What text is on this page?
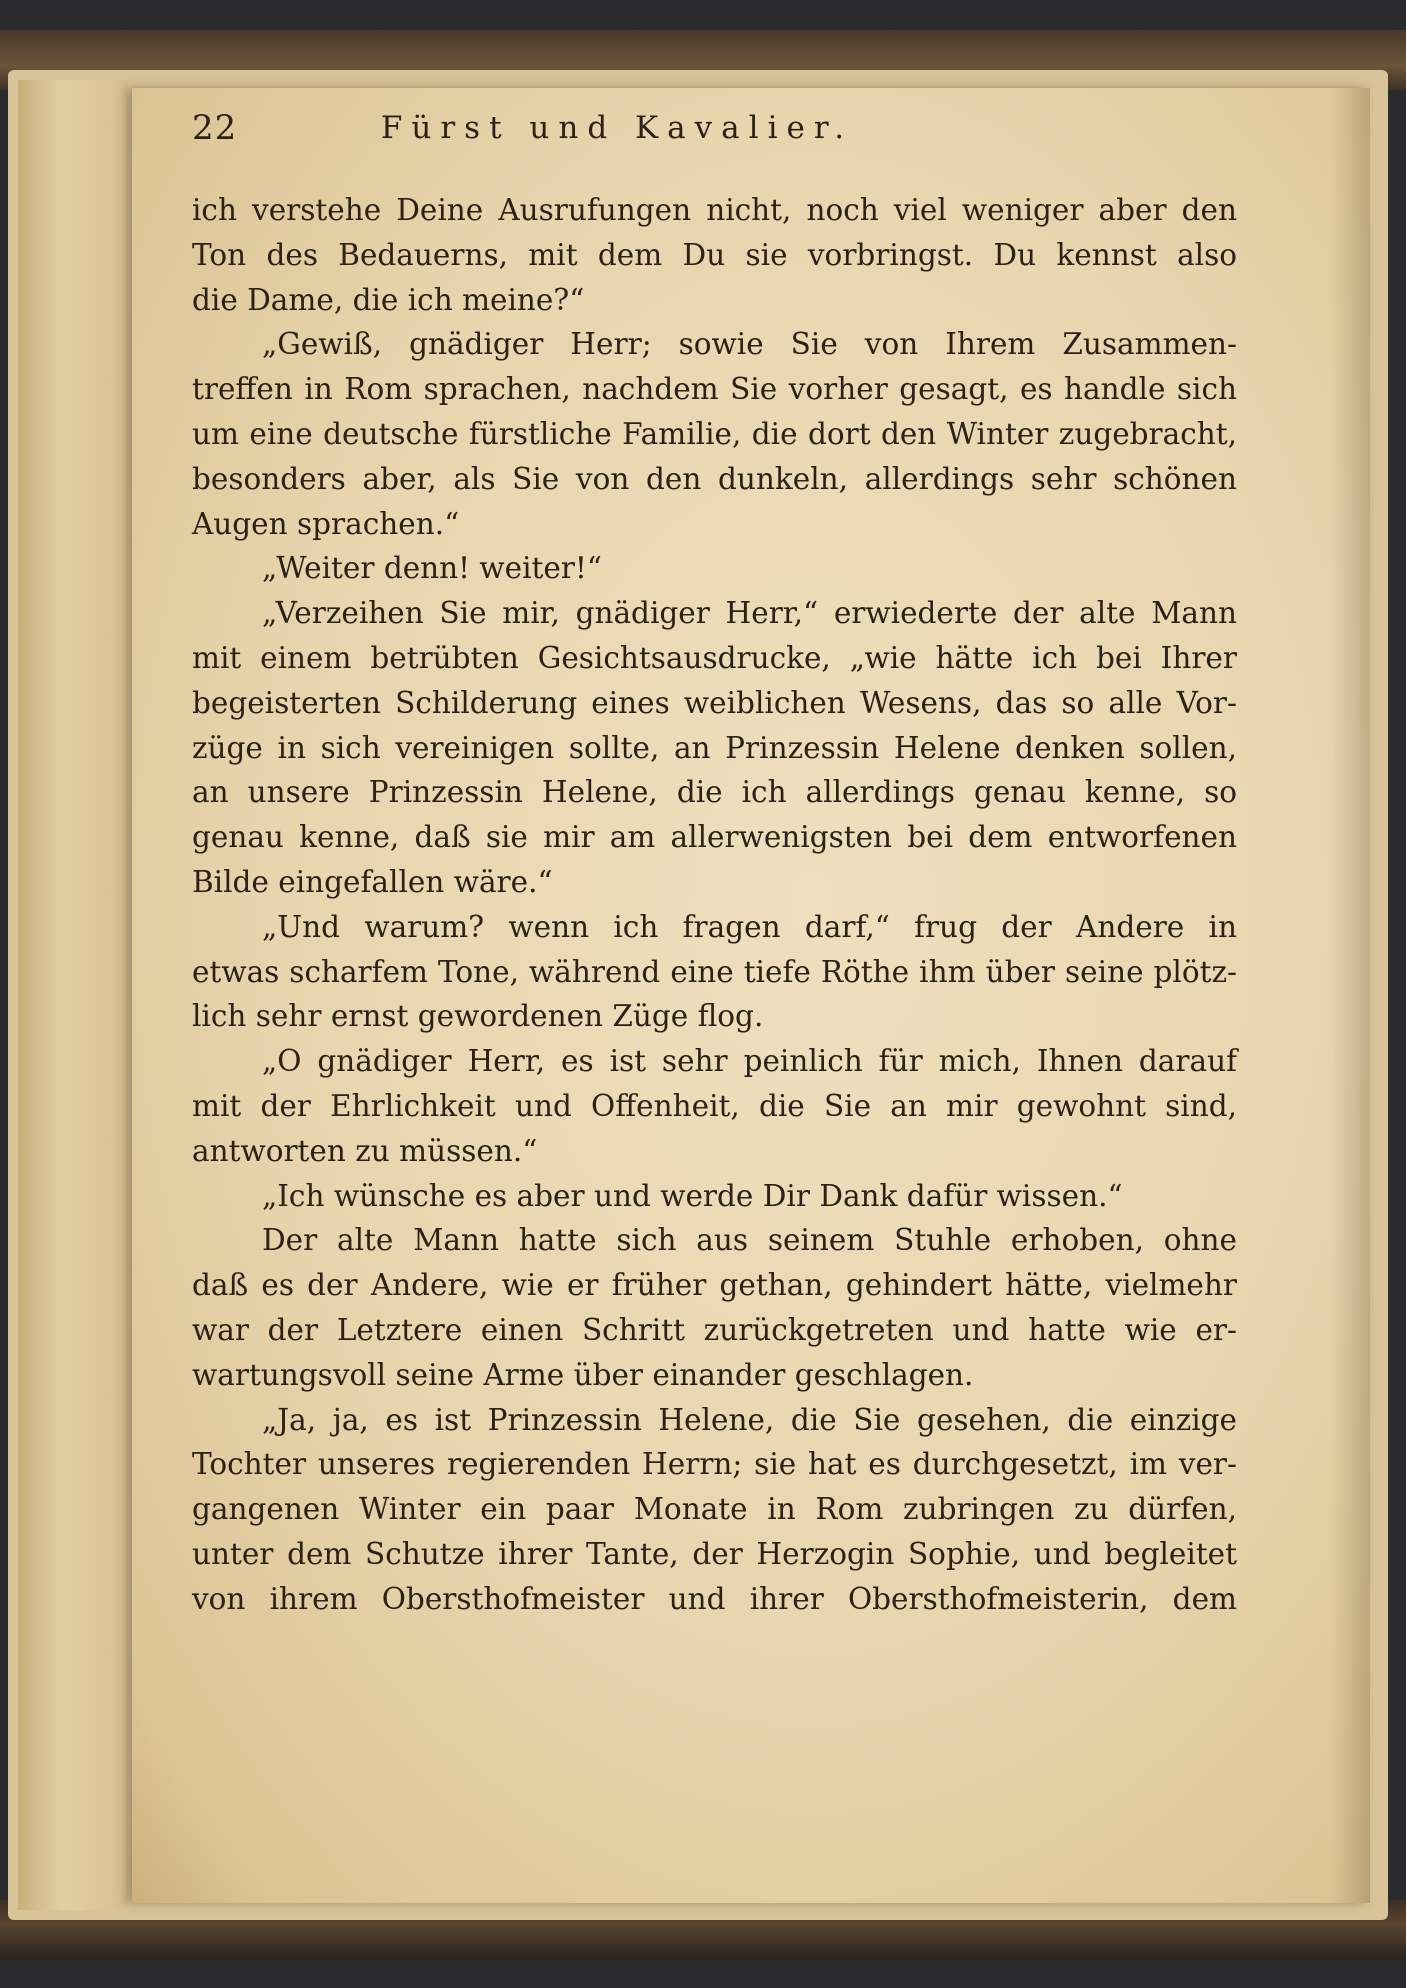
22	Fürst und Kavalier.
ich verstehe Deine Ausrufungen nicht, noch viel weniger aber den
Ton des Bedauerns, mit dem Du sie vorbringst. Du kennst also
die Dame, die ich meine?“
„Gewiß, gnädiger Herr; sowie Sie von Ihrem Zusammen-
treffen in Rom sprachen, nachdem Sie vorher gesagt, es handle sich
um eine deutsche fürstliche Familie, die dort den Winter zugebracht,
besonders aber, als Sie von den dunkeln, allerdings sehr schönen
Augen sprachen.“
„Weiter denn! weiter!“
„Verzeihen Sie mir, gnädiger Herr,“ erwiederte der alte Mann
mit einem betrübten Gesichtsausdrucke, „wie hätte ich bei Ihrer
begeisterten Schilderung eines weiblichen Wesens, das so alle Vor-
züge in sich vereinigen sollte, an Prinzessin Helene denken sollen,
an unsere Prinzessin Helene, die ich allerdings genau kenne, so
genau kenne, daß sie mir am allerwenigsten bei dem entworfenen
Bilde eingefallen wäre.“
„Und warum? wenn ich fragen darf,“ frug der Andere in
etwas scharfem Tone, während eine tiefe Röthe ihm über seine plötz-
lich sehr ernst gewordenen Züge flog.
„O gnädiger Herr, es ist sehr peinlich für mich, Ihnen darauf
mit der Ehrlichkeit und Offenheit, die Sie an mir gewohnt sind,
antworten zu müssen.“
„Ich wünsche es aber und werde Dir Dank dafür wissen.“
Der alte Mann hatte sich aus seinem Stuhle erhoben, ohne
daß es der Andere, wie er früher gethan, gehindert hätte, vielmehr
war der Letztere einen Schritt zurückgetreten und hatte wie er-
wartungsvoll seine Arme über einander geschlagen.
„Ja, ja, es ist Prinzessin Helene, die Sie gesehen, die einzige
Tochter unseres regierenden Herrn; sie hat es durchgesetzt, im ver-
gangenen Winter ein paar Monate in Rom zubringen zu dürfen,
unter dem Schutze ihrer Tante, der Herzogin Sophie, und begleitet
von ihrem Obersthofmeister und ihrer Obersthofmeisterin, dem
